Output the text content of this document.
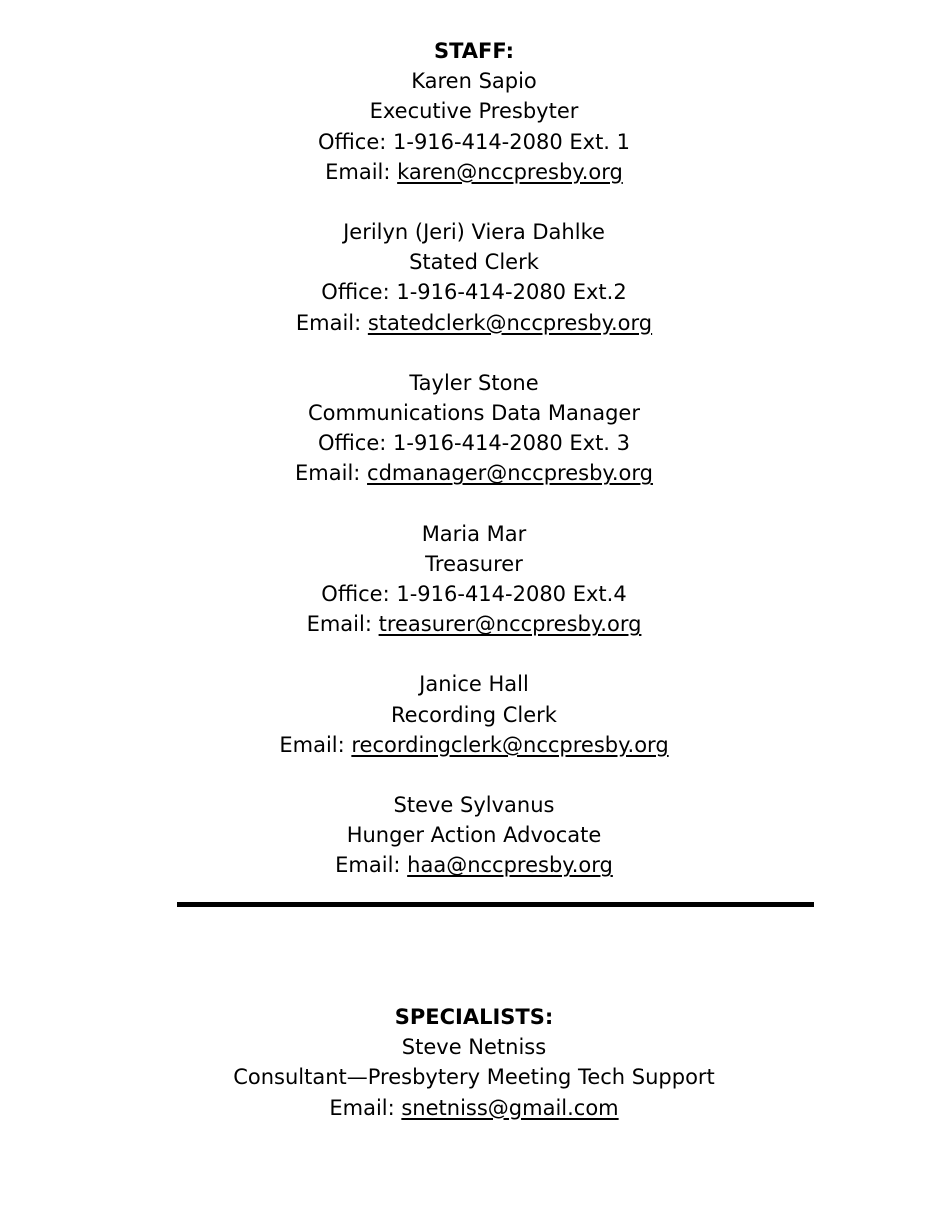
STAFF:
Karen Sapio
Executive Presbyter
Office: 1-916-414-2080 Ext. 1
Email: karen@nccpresby.org
Jerilyn (Jeri) Viera Dahlke
Stated Clerk
Office: 1-916-414-2080 Ext.2
Email: statedclerk@nccpresby.org
Tayler Stone
Communications Data Manager
Office: 1-916-414-2080 Ext. 3
Email: cdmanager@nccpresby.org
Maria Mar
Treasurer
Office: 1-916-414-2080 Ext.4
Email: treasurer@nccpresby.org
Janice Hall
Recording Clerk
Email: recordingclerk@nccpresby.org
Steve Sylvanus
Hunger Action Advocate
Email: haa@nccpresby.org
SPECIALISTS:
Steve Netniss
Consultant—Presbytery Meeting Tech Support
Email: snetniss@gmail.com
